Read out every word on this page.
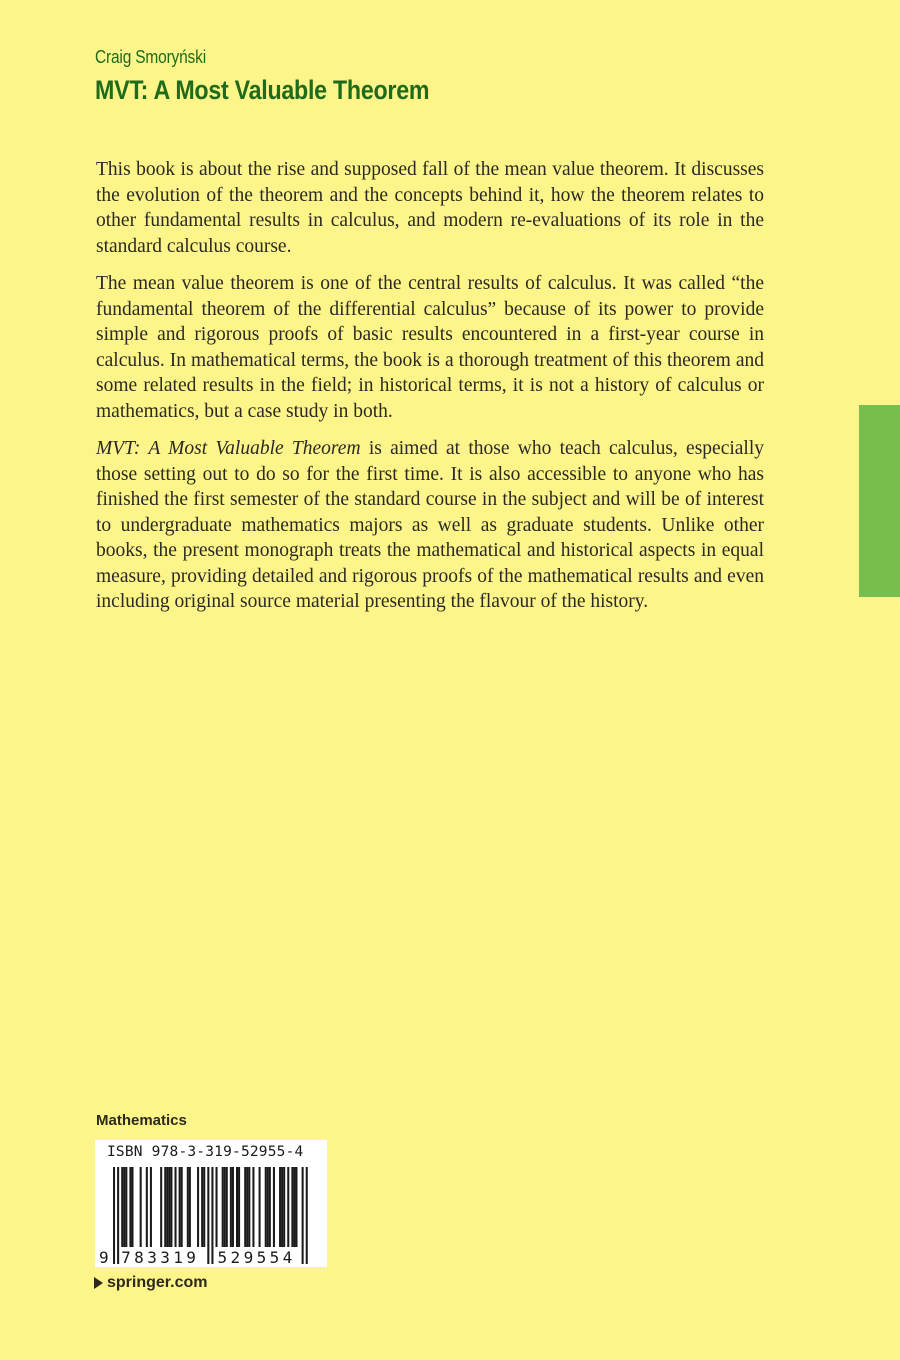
Craig Smoryński
MVT: A Most Valuable Theorem

This book is about the rise and supposed fall of the mean value theorem. It discusses the evolution of the theorem and the concepts behind it, how the theorem relates to other fundamental results in calculus, and modern re-evaluations of its role in the standard calculus course.

The mean value theorem is one of the central results of calculus. It was called “the fundamental theorem of the differential calculus” because of its power to provide simple and rigorous proofs of basic results encountered in a first-year course in calculus. In mathematical terms, the book is a thorough treatment of this theorem and some related results in the field; in historical terms, it is not a history of calculus or mathematics, but a case study in both.

MVT: A Most Valuable Theorem is aimed at those who teach calculus, especially those setting out to do so for the first time. It is also accessible to anyone who has finished the first semester of the standard course in the subject and will be of interest to undergraduate mathematics majors as well as graduate students. Unlike other books, the present monograph treats the mathematical and historical aspects in equal measure, providing detailed and rigorous proofs of the mathematical results and even including original source material presenting the flavour of the history.

Mathematics
ISBN 978-3-319-52955-4
9 783319 529554
springer.com
